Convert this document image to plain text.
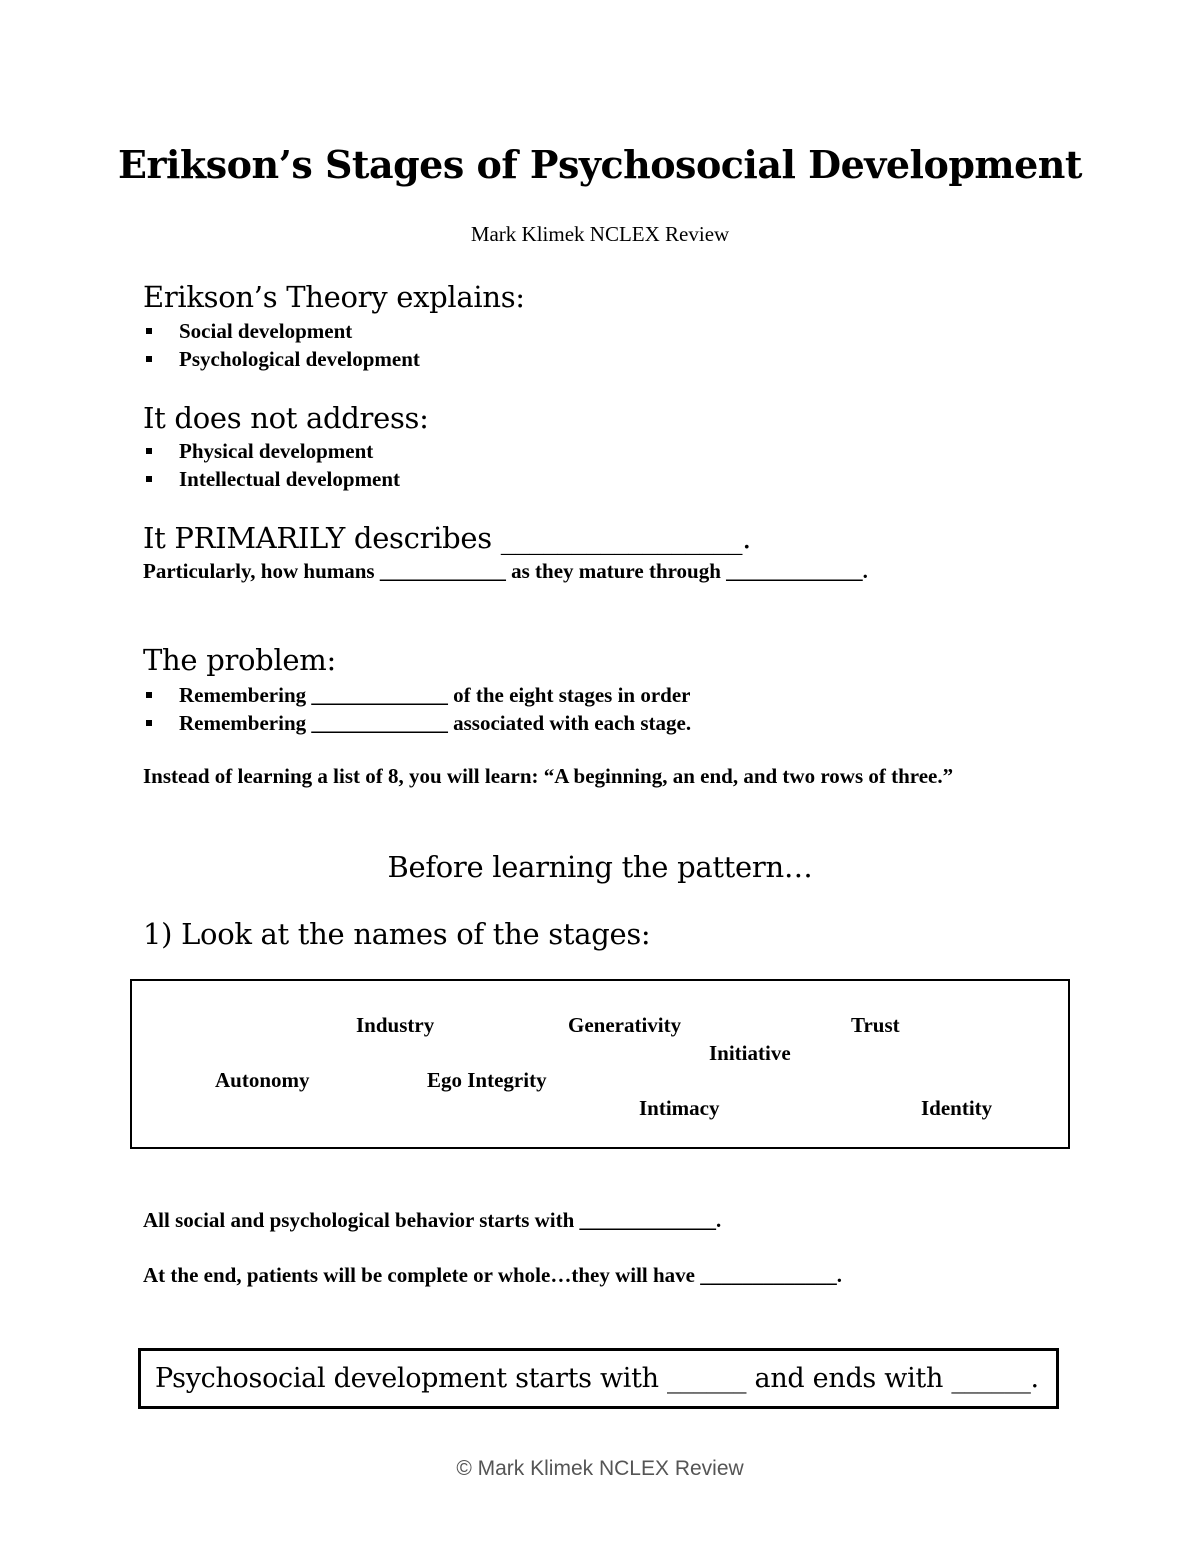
Erikson’s Stages of Psychosocial Development
Mark Klimek NCLEX Review
Erikson’s Theory explains:
Social development
Psychological development
It does not address:
Physical development
Intellectual development
It PRIMARILY describes _________________.
Particularly, how humans ____________ as they mature through _____________.
The problem:
Remembering _____________ of the eight stages in order
Remembering _____________ associated with each stage.
Instead of learning a list of 8, you will learn: “A beginning, an end, and two rows of three.”
Before learning the pattern…
1) Look at the names of the stages:
Industry	Generativity	Trust
Initiative
Autonomy	Ego Integrity
Intimacy	Identity
All social and psychological behavior starts with _____________.
At the end, patients will be complete or whole…they will have _____________.
Psychosocial development starts with ______ and ends with ______.
© Mark Klimek NCLEX Review
